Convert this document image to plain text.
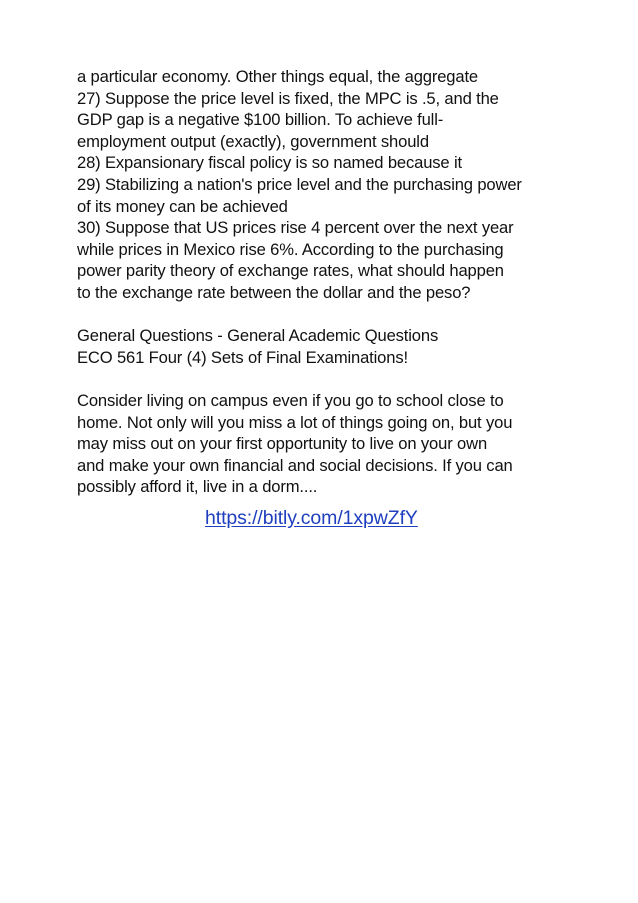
a particular economy. Other things equal, the aggregate
27) Suppose the price level is fixed, the MPC is .5, and the
GDP gap is a negative $100 billion. To achieve full-
employment output (exactly), government should
28) Expansionary fiscal policy is so named because it
29) Stabilizing a nation's price level and the purchasing power
of its money can be achieved
30) Suppose that US prices rise 4 percent over the next year
while prices in Mexico rise 6%. According to the purchasing
power parity theory of exchange rates, what should happen
to the exchange rate between the dollar and the peso?
General Questions - General Academic Questions
ECO 561 Four (4) Sets of Final Examinations!
Consider living on campus even if you go to school close to
home. Not only will you miss a lot of things going on, but you
may miss out on your first opportunity to live on your own
and make your own financial and social decisions. If you can
possibly afford it, live in a dorm....
https://bitly.com/1xpwZfY
